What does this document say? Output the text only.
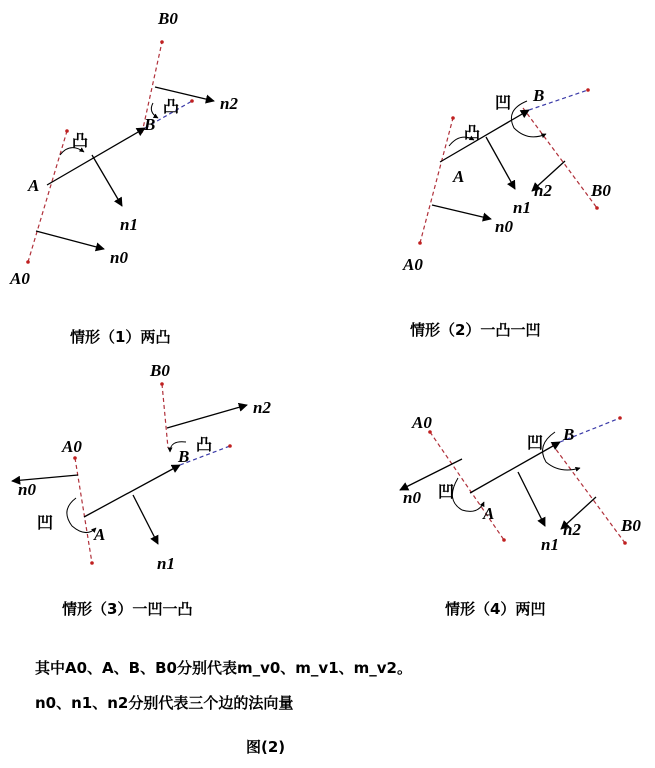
A0
A
B
B0
n0
n1
n2
凸
凸
情形（1）两凸
A0
A
B
B0
n0
n1
n2
凸
凹
情形（2）一凸一凹
A0
A
B
B0
n0
n1
n2
凹
凸
情形（3）一凹一凸
A0
A
B
B0
n0
n1
n2
凹
凹
情形（4）两凹
其中A0、A、B、B0分别代表m_v0、m_v1、m_v2。
n0、n1、n2分别代表三个边的法向量
图(2)
